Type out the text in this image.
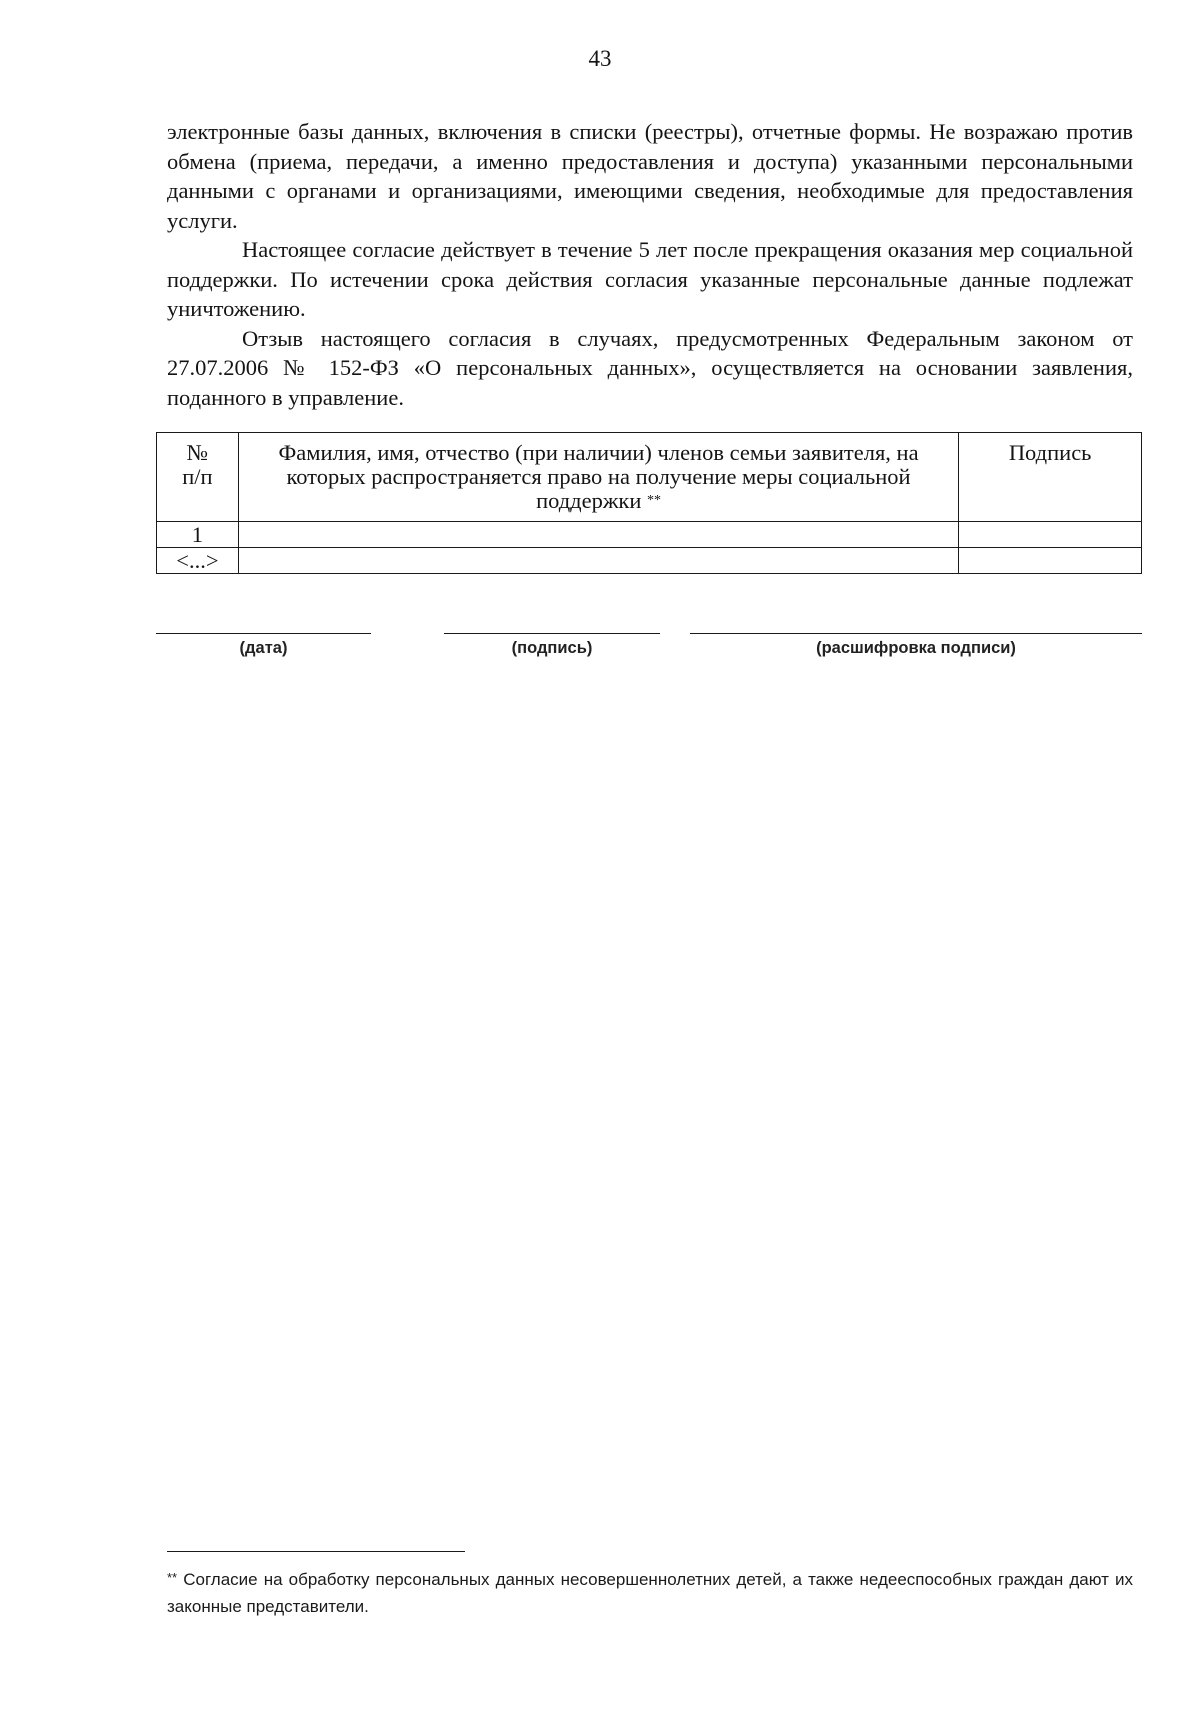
43

электронные базы данных, включения в списки (реестры), отчетные формы. Не возражаю против обмена (приема, передачи, а именно предоставления и доступа) указанными персональными данными с органами и организациями, имеющими сведения, необходимые для предоставления услуги.

Настоящее согласие действует в течение 5 лет после прекращения оказания мер социальной поддержки. По истечении срока действия согласия указанные персональные данные подлежат уничтожению.

Отзыв настоящего согласия в случаях, предусмотренных Федеральным законом от 27.07.2006 № 152-ФЗ «О персональных данных», осуществляется на основании заявления, поданного в управление.

№ п/п	Фамилия, имя, отчество (при наличии) членов семьи заявителя, на которых распространяется право на получение меры социальной поддержки **	Подпись
1		
<...>		
(дата)	(подпись)	(расшифровка подписи)
** Согласие на обработку персональных данных несовершеннолетних детей, а также недееспособных граждан дают их законные представители.
